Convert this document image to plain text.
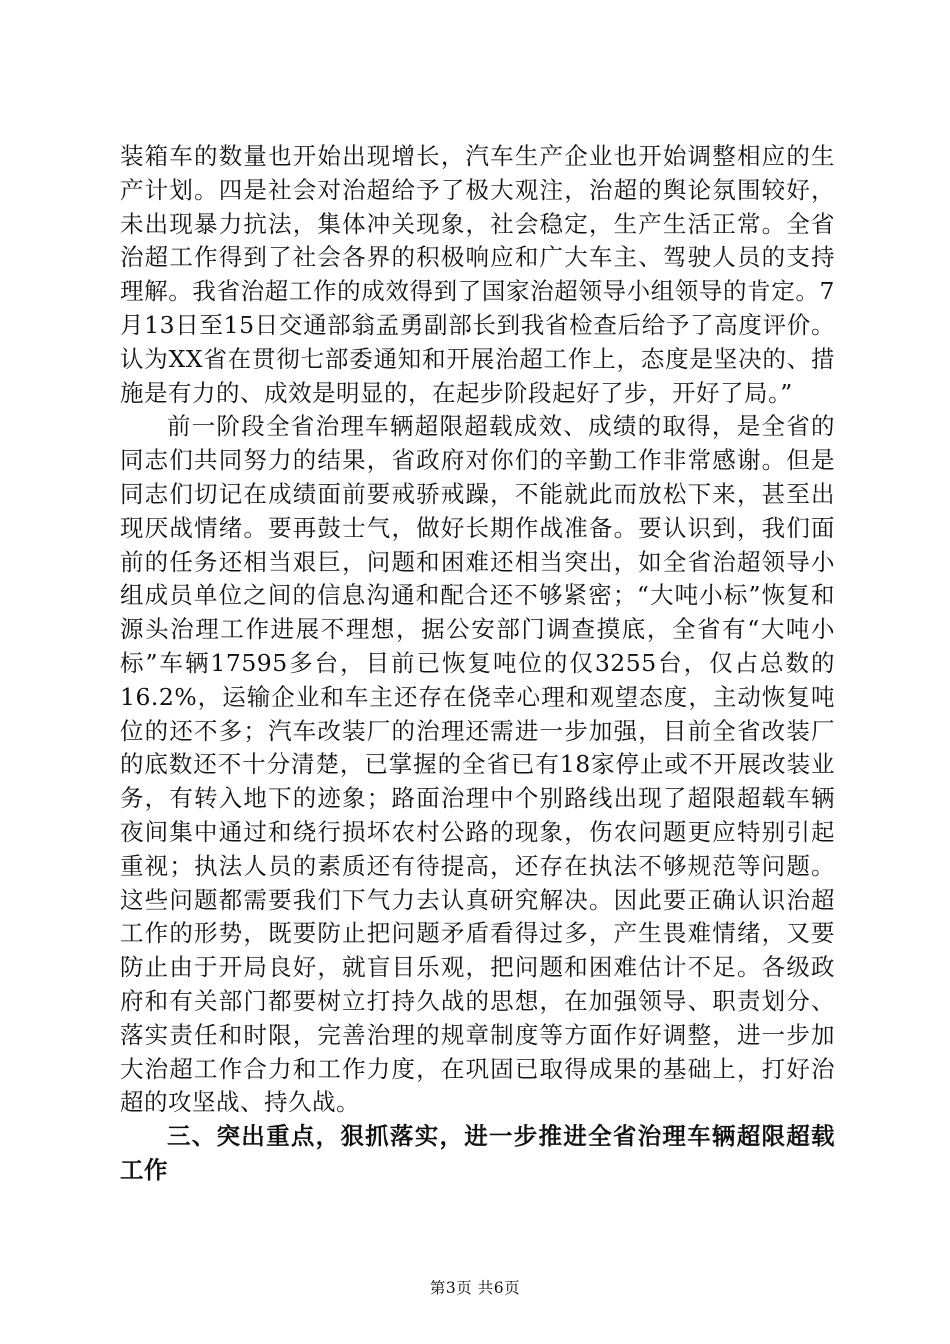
装箱车的数量也开始出现增长，汽车生产企业也开始调整相应的生产计划。四是社会对治超给予了极大观注，治超的舆论氛围较好，未出现暴力抗法，集体冲关现象，社会稳定，生产生活正常。全省治超工作得到了社会各界的积极响应和广大车主、驾驶人员的支持理解。我省治超工作的成效得到了国家治超领导小组领导的肯定。7月13日至15日交通部翁孟勇副部长到我省检查后给予了高度评价。认为XX省在贯彻七部委通知和开展治超工作上，态度是坚决的、措施是有力的、成效是明显的，在起步阶段起好了步，开好了局。”

前一阶段全省治理车辆超限超载成效、成绩的取得，是全省的同志们共同努力的结果，省政府对你们的辛勤工作非常感谢。但是同志们切记在成绩面前要戒骄戒躁，不能就此而放松下来，甚至出现厌战情绪。要再鼓士气，做好长期作战准备。要认识到，我们面前的任务还相当艰巨，问题和困难还相当突出，如全省治超领导小组成员单位之间的信息沟通和配合还不够紧密；“大吨小标”恢复和源头治理工作进展不理想，据公安部门调查摸底，全省有“大吨小标”车辆17595多台，目前已恢复吨位的仅3255台，仅占总数的16.2%，运输企业和车主还存在侥幸心理和观望态度，主动恢复吨位的还不多；汽车改装厂的治理还需进一步加强，目前全省改装厂的底数还不十分清楚，已掌握的全省已有18家停止或不开展改装业务，有转入地下的迹象；路面治理中个别路线出现了超限超载车辆夜间集中通过和绕行损坏农村公路的现象，伤农问题更应特别引起重视；执法人员的素质还有待提高，还存在执法不够规范等问题。这些问题都需要我们下气力去认真研究解决。因此要正确认识治超工作的形势，既要防止把问题矛盾看得过多，产生畏难情绪，又要防止由于开局良好，就盲目乐观，把问题和困难估计不足。各级政府和有关部门都要树立打持久战的思想，在加强领导、职责划分、落实责任和时限，完善治理的规章制度等方面作好调整，进一步加大治超工作合力和工作力度，在巩固已取得成果的基础上，打好治超的攻坚战、持久战。

三、突出重点，狠抓落实，进一步推进全省治理车辆超限超载工作

第3页 共6页
